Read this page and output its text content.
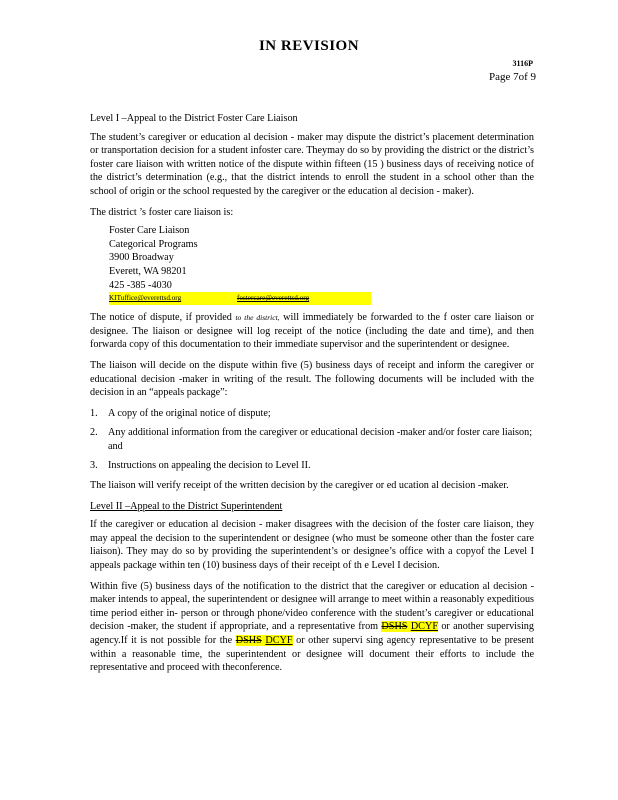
IN REVISION
3116P
Page 7of 9
Level I –Appeal to the District Foster Care Liaison

The student’s caregiver or education al decision - maker may dispute the district’s placement determination or transportation decision for a student infoster care. Theymay do so by providing the district or the district’s foster care liaison with written notice of the dispute within fifteen (15 ) business days of receiving notice of the district’s determination (e.g., that the district intends to enroll the student in a school other than the school of origin or the school requested by the caregiver or the education al decision - maker).

The district ’s foster care liaison is:

Foster Care Liaison
Categorical Programs
3900 Broadway
Everett, WA 98201
425 -385 -4030
KITuffice@everettsd.org	fostercare@everettsd.org

The notice of dispute, if provided to the district, will immediately be forwarded to the f oster care liaison or designee. The liaison or designee will log receipt of the notice (including the date and time), and then forwarda copy of this documentation to their immediate supervisor and the superintendent or designee.

The liaison will decide on the dispute within five (5) business days of receipt and inform the caregiver or educational decision -maker in writing of the result. The following documents will be included with the decision in an “appeals package”:

1. A copy of the original notice of dispute;
2. Any additional information from the caregiver or educational decision -maker and/or foster care liaison; and
3. Instructions on appealing the decision to Level II.

The liaison will verify receipt of the written decision by the caregiver or ed ucation al decision -maker.

Level II –Appeal to the District Superintendent

If the caregiver or education al decision - maker disagrees with the decision of the foster care liaison, they may appeal the decision to the superintendent or designee (who must be someone other than the foster care liaison). They may do so by providing the superintendent’s or designee’s office with a copyof the Level I appeals package within ten (10) business days of their receipt of th e Level I decision.

Within five (5) business days of the notification to the district that the caregiver or education al decision -maker intends to appeal, the superintendent or designee will arrange to meet within a reasonably expeditious time period either in- person or through phone/video conference with the student’s caregiver or educational decision -maker, the student if appropriate, and a representative from DSHS DCYF or another supervising agency.If it is not possible for the DSHS DCYF or other supervi sing agency representative to be present within a reasonable time, the superintendent or designee will document their efforts to include the representative and proceed with theconference.
